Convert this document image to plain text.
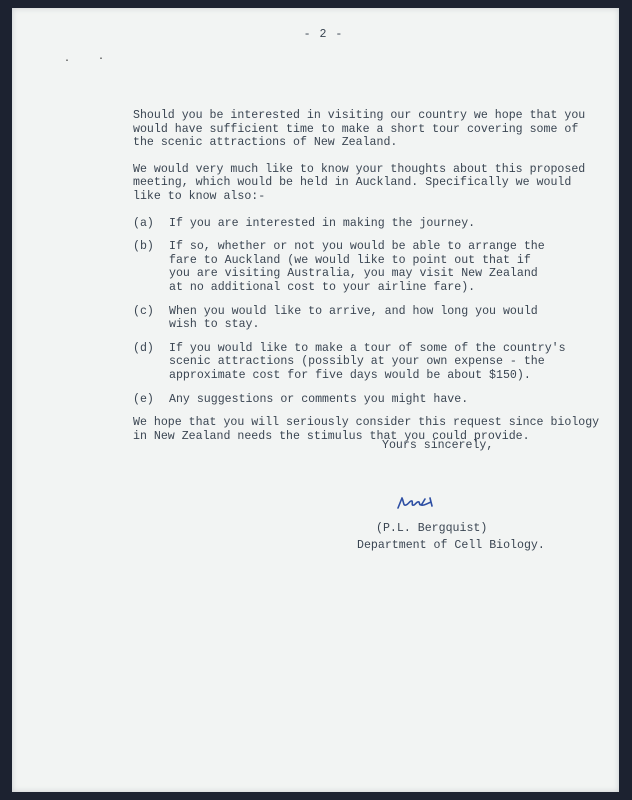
- 2 -
·	·

Should you be interested in visiting our country we hope that you
would have sufficient time to make a short tour covering some of
the scenic attractions of New Zealand.

We would very much like to know your thoughts about this proposed
meeting, which would be held in Auckland. Specifically we would
like to know also:-

(a)	If you are interested in making the journey.
(b)	If so, whether or not you would be able to arrange the
fare to Auckland (we would like to point out that if
you are visiting Australia, you may visit New Zealand
at no additional cost to your airline fare).
(c)	When you would like to arrive, and how long you would
wish to stay.
(d)	If you would like to make a tour of some of the country's
scenic attractions (possibly at your own expense - the
approximate cost for five days would be about $150).
(e)	Any suggestions or comments you might have.

We hope that you will seriously consider this request since biology
in New Zealand needs the stimulus that you could provide.

Yours sincerely,
(P.L. Bergquist)
Department of Cell Biology.
